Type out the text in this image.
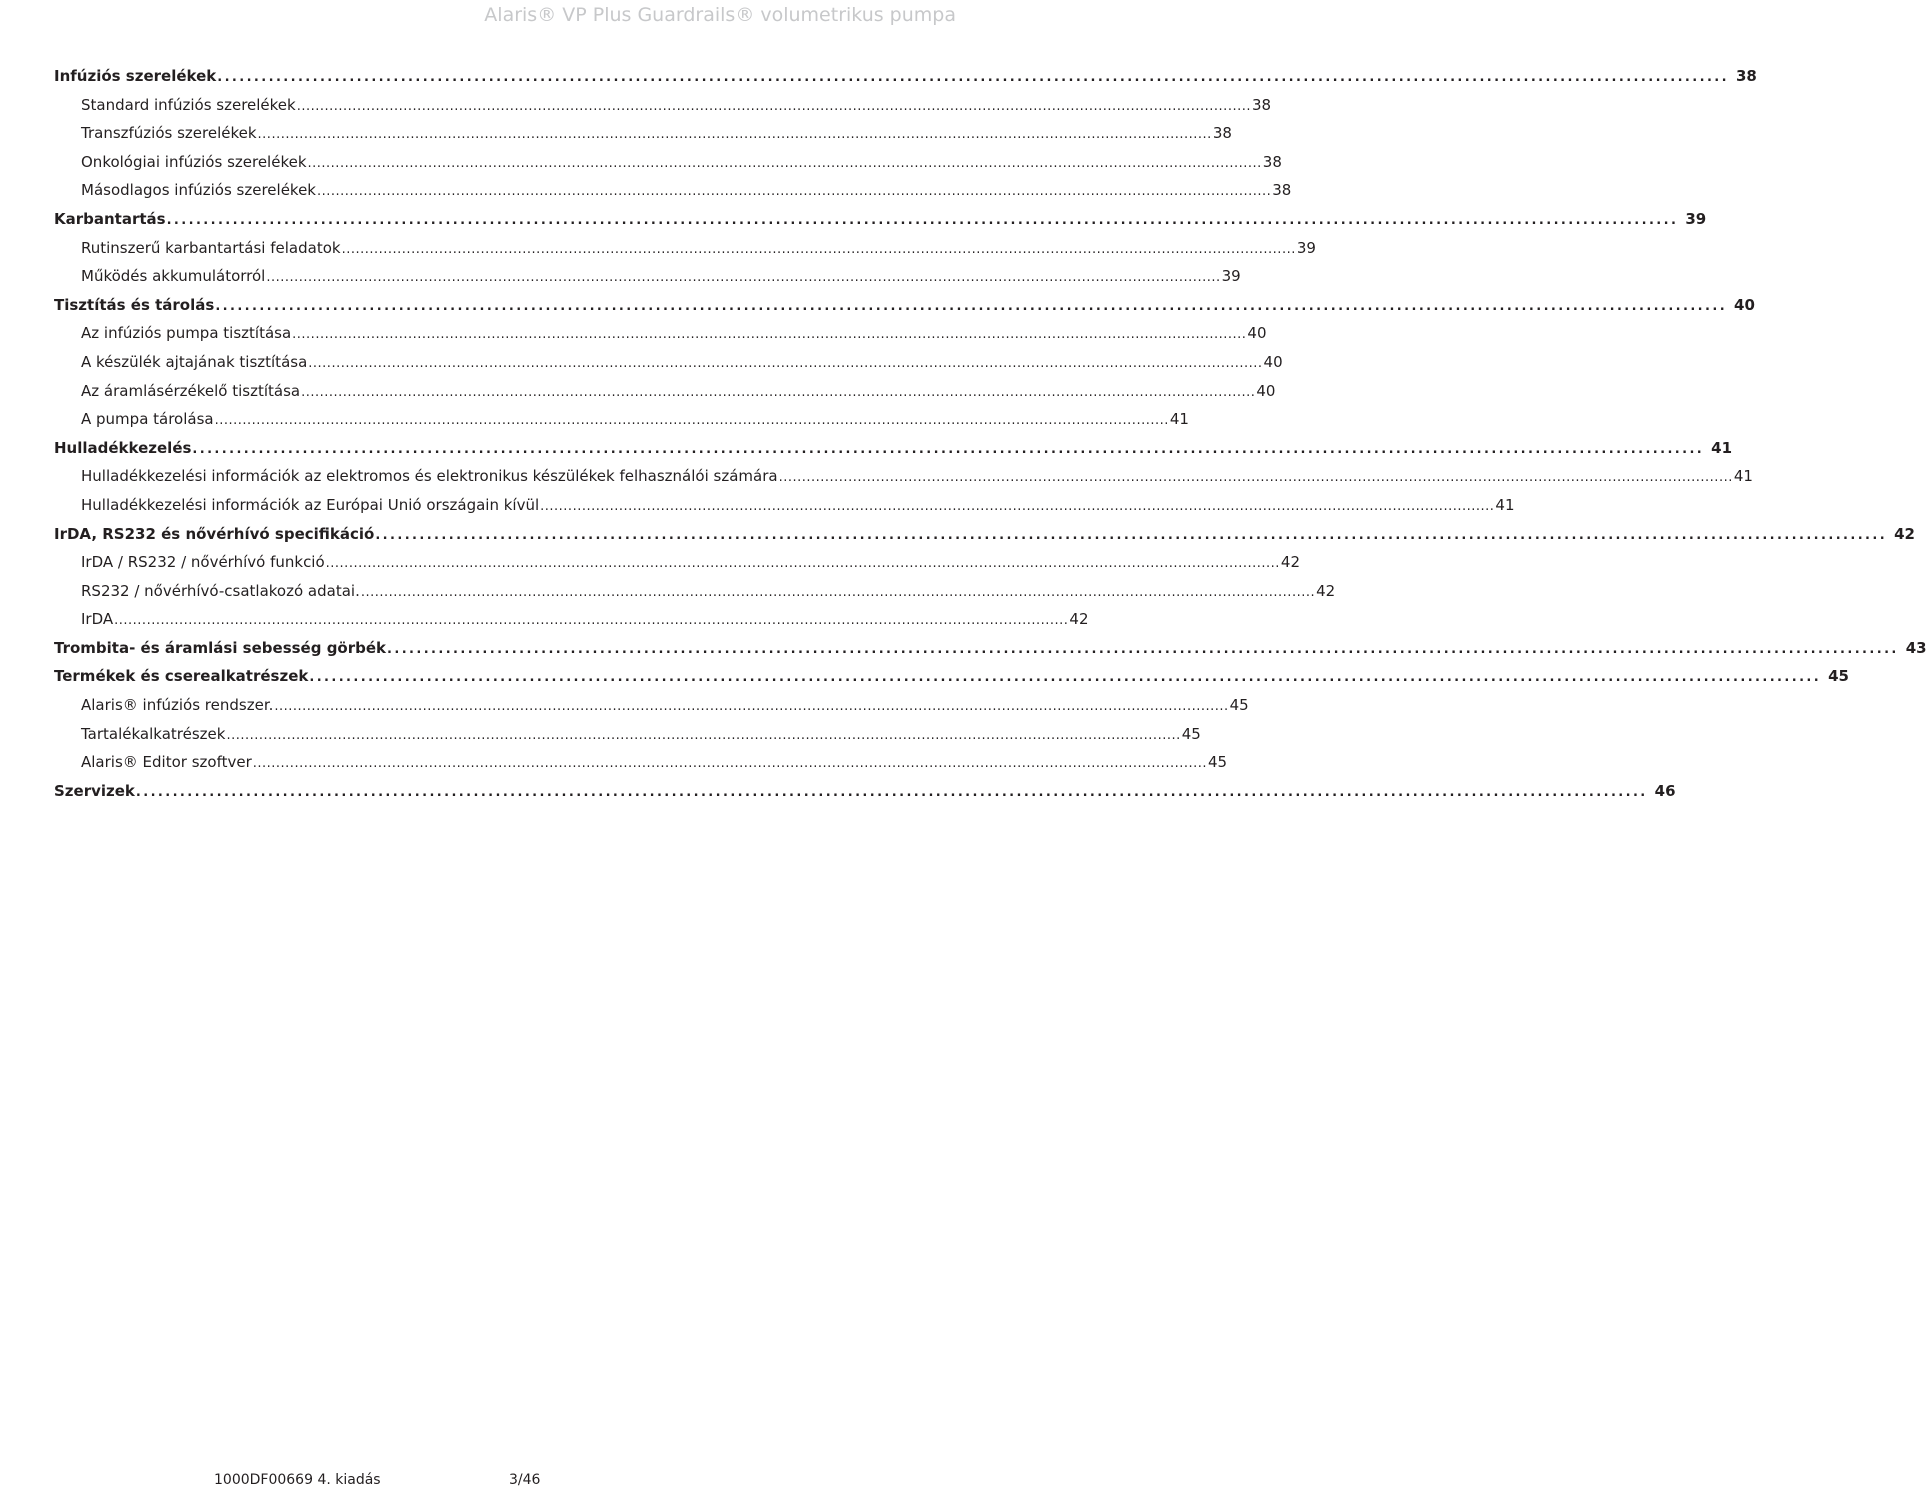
Alaris® VP Plus Guardrails® volumetrikus pumpa
Infúziós szerelékek .............................................................................................................................................................................................................. 38
Standard infúziós szerelékek .............................................................................................................................................................................................................. 38
Transzfúziós szerelékek .............................................................................................................................................................................................................. 38
Onkológiai infúziós szerelékek .............................................................................................................................................................................................................. 38
Másodlagos infúziós szerelékek .............................................................................................................................................................................................................. 38
Karbantartás .............................................................................................................................................................................................................. 39
Rutinszerű karbantartási feladatok .............................................................................................................................................................................................................. 39
Működés akkumulátorról .............................................................................................................................................................................................................. 39
Tisztítás és tárolás .............................................................................................................................................................................................................. 40
Az infúziós pumpa tisztítása .............................................................................................................................................................................................................. 40
A készülék ajtajának tisztítása .............................................................................................................................................................................................................. 40
Az áramlásérzékelő tisztítása .............................................................................................................................................................................................................. 40
A pumpa tárolása .............................................................................................................................................................................................................. 41
Hulladékkezelés .............................................................................................................................................................................................................. 41
Hulladékkezelési információk az elektromos és elektronikus készülékek felhasználói számára .............................................................................................................................................................................................................. 41
Hulladékkezelési információk az Európai Unió országain kívül .............................................................................................................................................................................................................. 41
IrDA, RS232 és nővérhívó specifikáció .............................................................................................................................................................................................................. 42
IrDA / RS232 / nővérhívó funkció .............................................................................................................................................................................................................. 42
RS232 / nővérhívó-csatlakozó adatai. .............................................................................................................................................................................................................. 42
IrDA .............................................................................................................................................................................................................. 42
Trombita- és áramlási sebesség görbék .............................................................................................................................................................................................................. 43
Termékek és cserealkatrészek .............................................................................................................................................................................................................. 45
Alaris® infúziós rendszer. .............................................................................................................................................................................................................. 45
Tartalékalkatrészek .............................................................................................................................................................................................................. 45
Alaris® Editor szoftver .............................................................................................................................................................................................................. 45
Szervizek .............................................................................................................................................................................................................. 46
1000DF00669 4. kiadás	3/46
